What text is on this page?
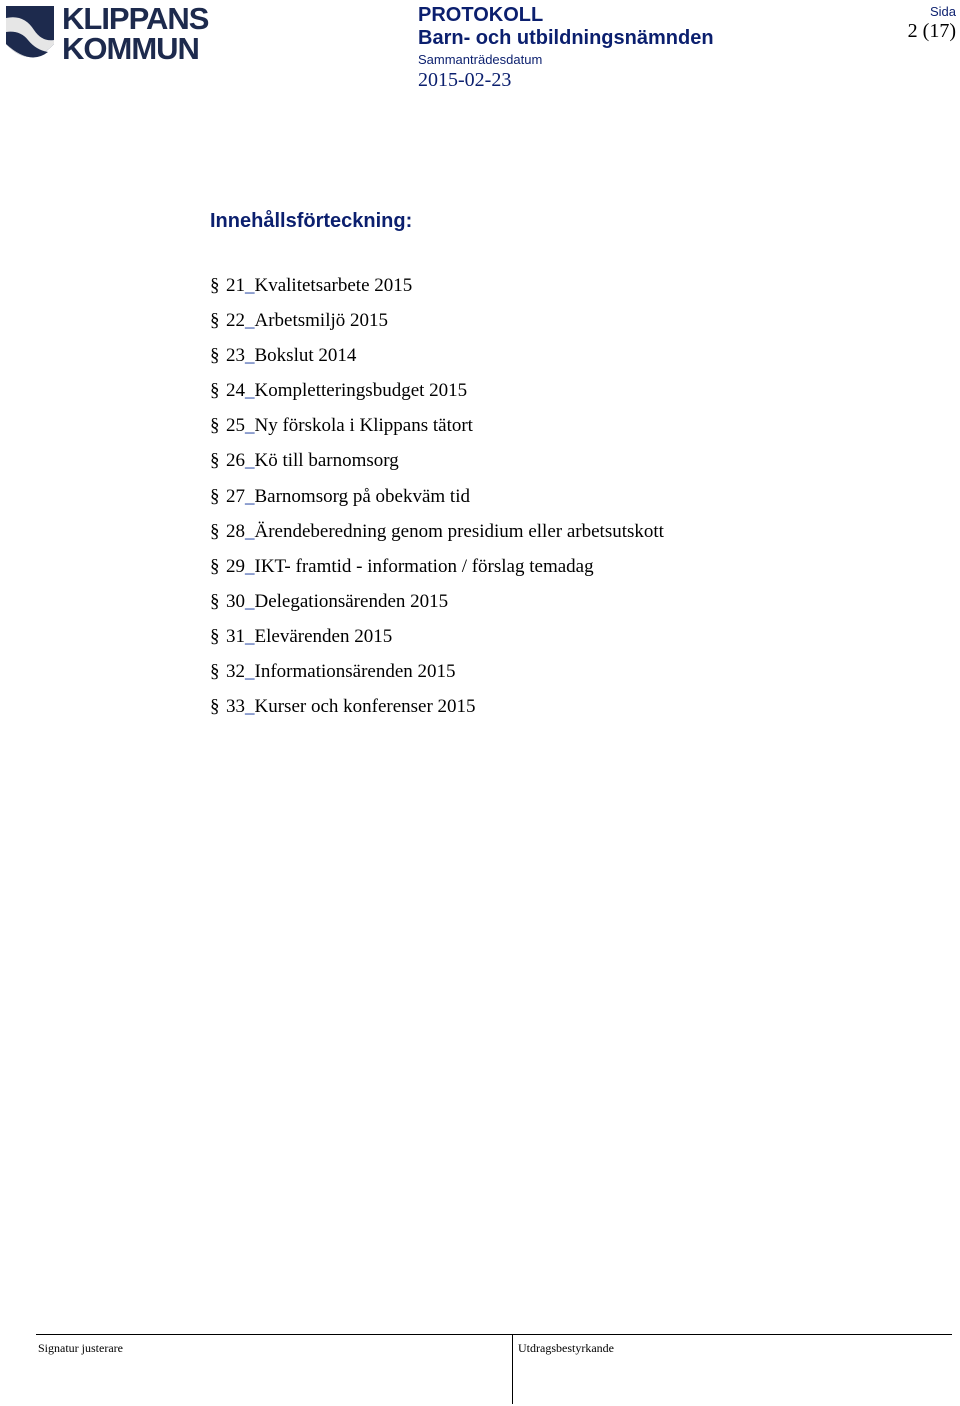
KLIPPANS
KOMMUN
PROTOKOLL
Barn- och utbildningsnämnden
Sammanträdesdatum
2015-02-23
Sida
2 (17)
Innehållsförteckning:
§ 21_Kvalitetsarbete 2015
§ 22_Arbetsmiljö 2015
§ 23_Bokslut 2014
§ 24_Kompletteringsbudget 2015
§ 25_Ny förskola i Klippans tätort
§ 26_Kö till barnomsorg
§ 27_Barnomsorg på obekväm tid
§ 28_Ärendeberedning genom presidium eller arbetsutskott
§ 29_IKT- framtid - information / förslag temadag
§ 30_Delegationsärenden 2015
§ 31_Elevärenden 2015
§ 32_Informationsärenden 2015
§ 33_Kurser och konferenser 2015
Signatur justerare	Utdragsbestyrkande
